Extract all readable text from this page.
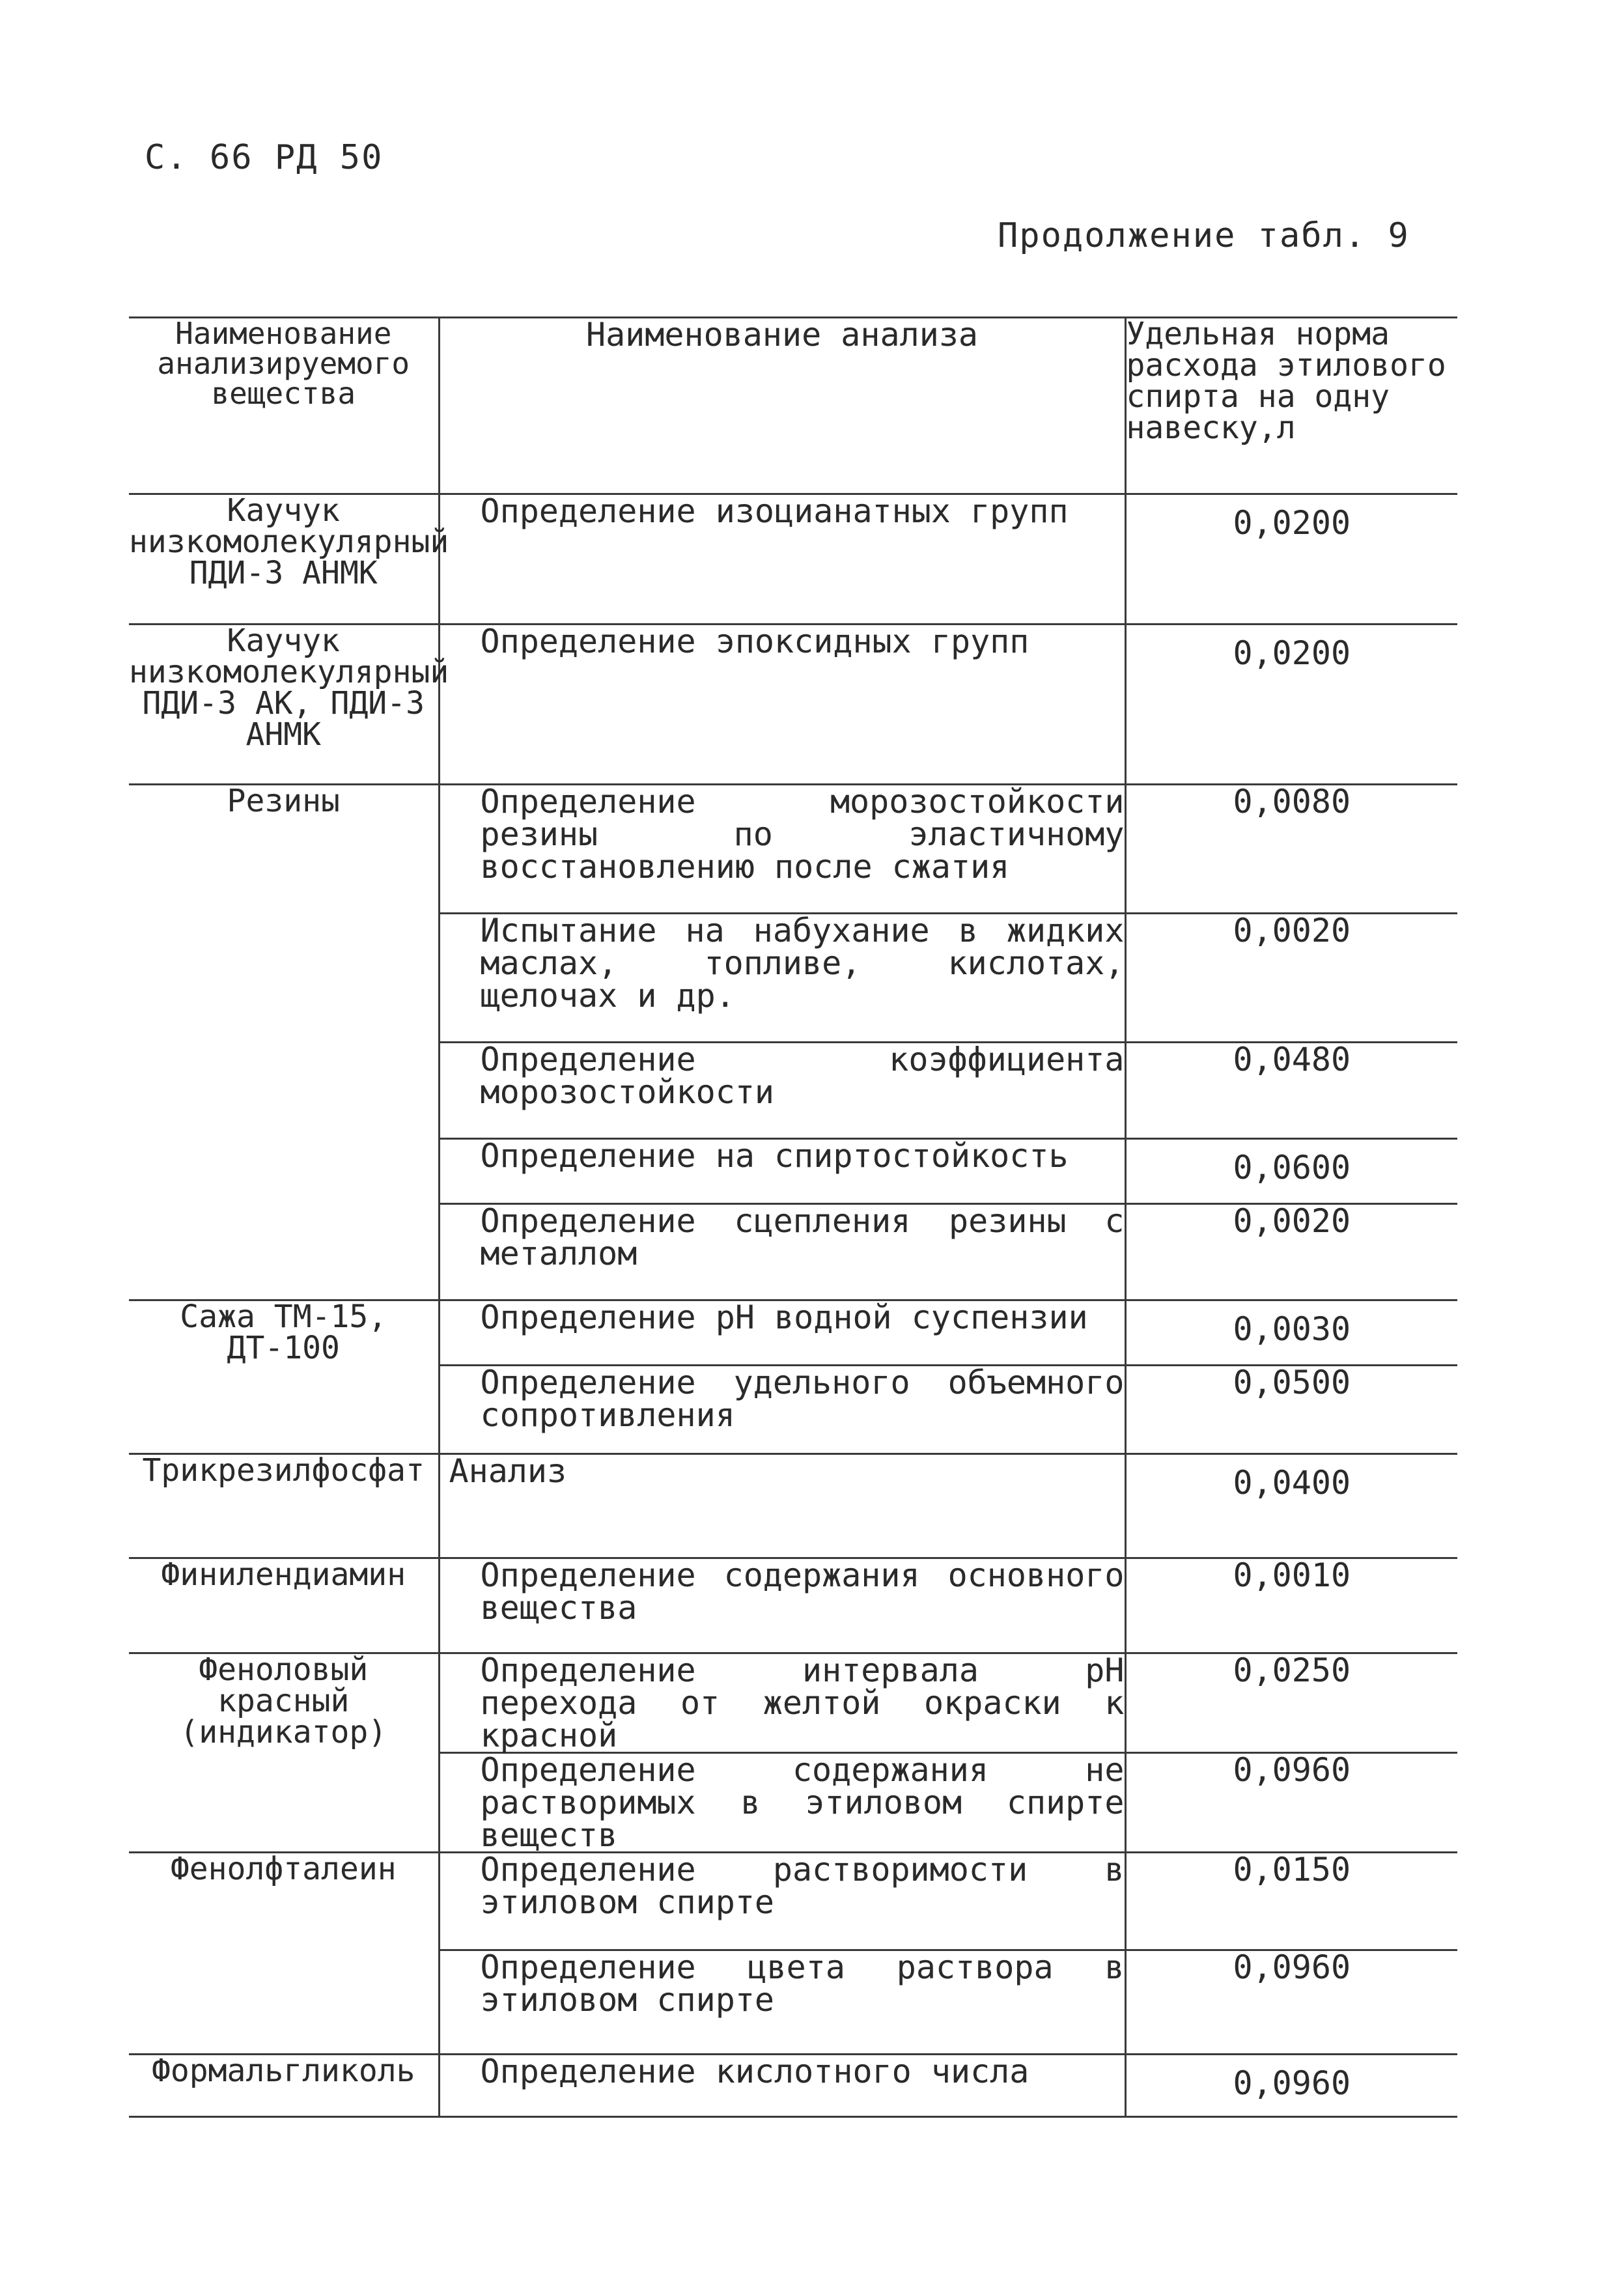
С. 66 РД 50
Продолжение табл. 9
Наименование анализируемого вещества	Наименование анализа	Удельная норма расхода этилового спирта на одну навеску,л
Каучук низкомолекулярный ПДИ-3 АНМК	Определение изоцианатных групп	0,0200
Каучук низкомолекулярный ПДИ-3 АК, ПДИ-3 АНМК	Определение эпоксидных групп	0,0200
Резины	Определение морозостойкости резины по эластичному восстановлению после сжатия	0,0080

	Испытание на набухание в жидких маслах, топливе, кислотах, щелочах и др.	0,0020

	Определение коэффициента морозостойкости	0,0480

	Определение на спиртостойкость	0,0600

	Определение сцепления резины с металлом	0,0020
Сажа ТМ-15, ДТ-100	Определение рН водной суспензии	0,0030

	Определение удельного объемного сопротивления	0,0500
Трикрезилфосфат	Анализ	0,0400
Финилендиамин	Определение содержания основного вещества	0,0010
Феноловый красный (индикатор)	Определение интервала рН перехода от желтой окраски к красной	0,0250

	Определение содержания не растворимых в этиловом спирте веществ	0,0960
Фенолфталеин	Определение растворимости в этиловом спирте	0,0150

	Определение цвета раствора в этиловом спирте	0,0960
Формальгликоль	Определение кислотного числа	0,0960
